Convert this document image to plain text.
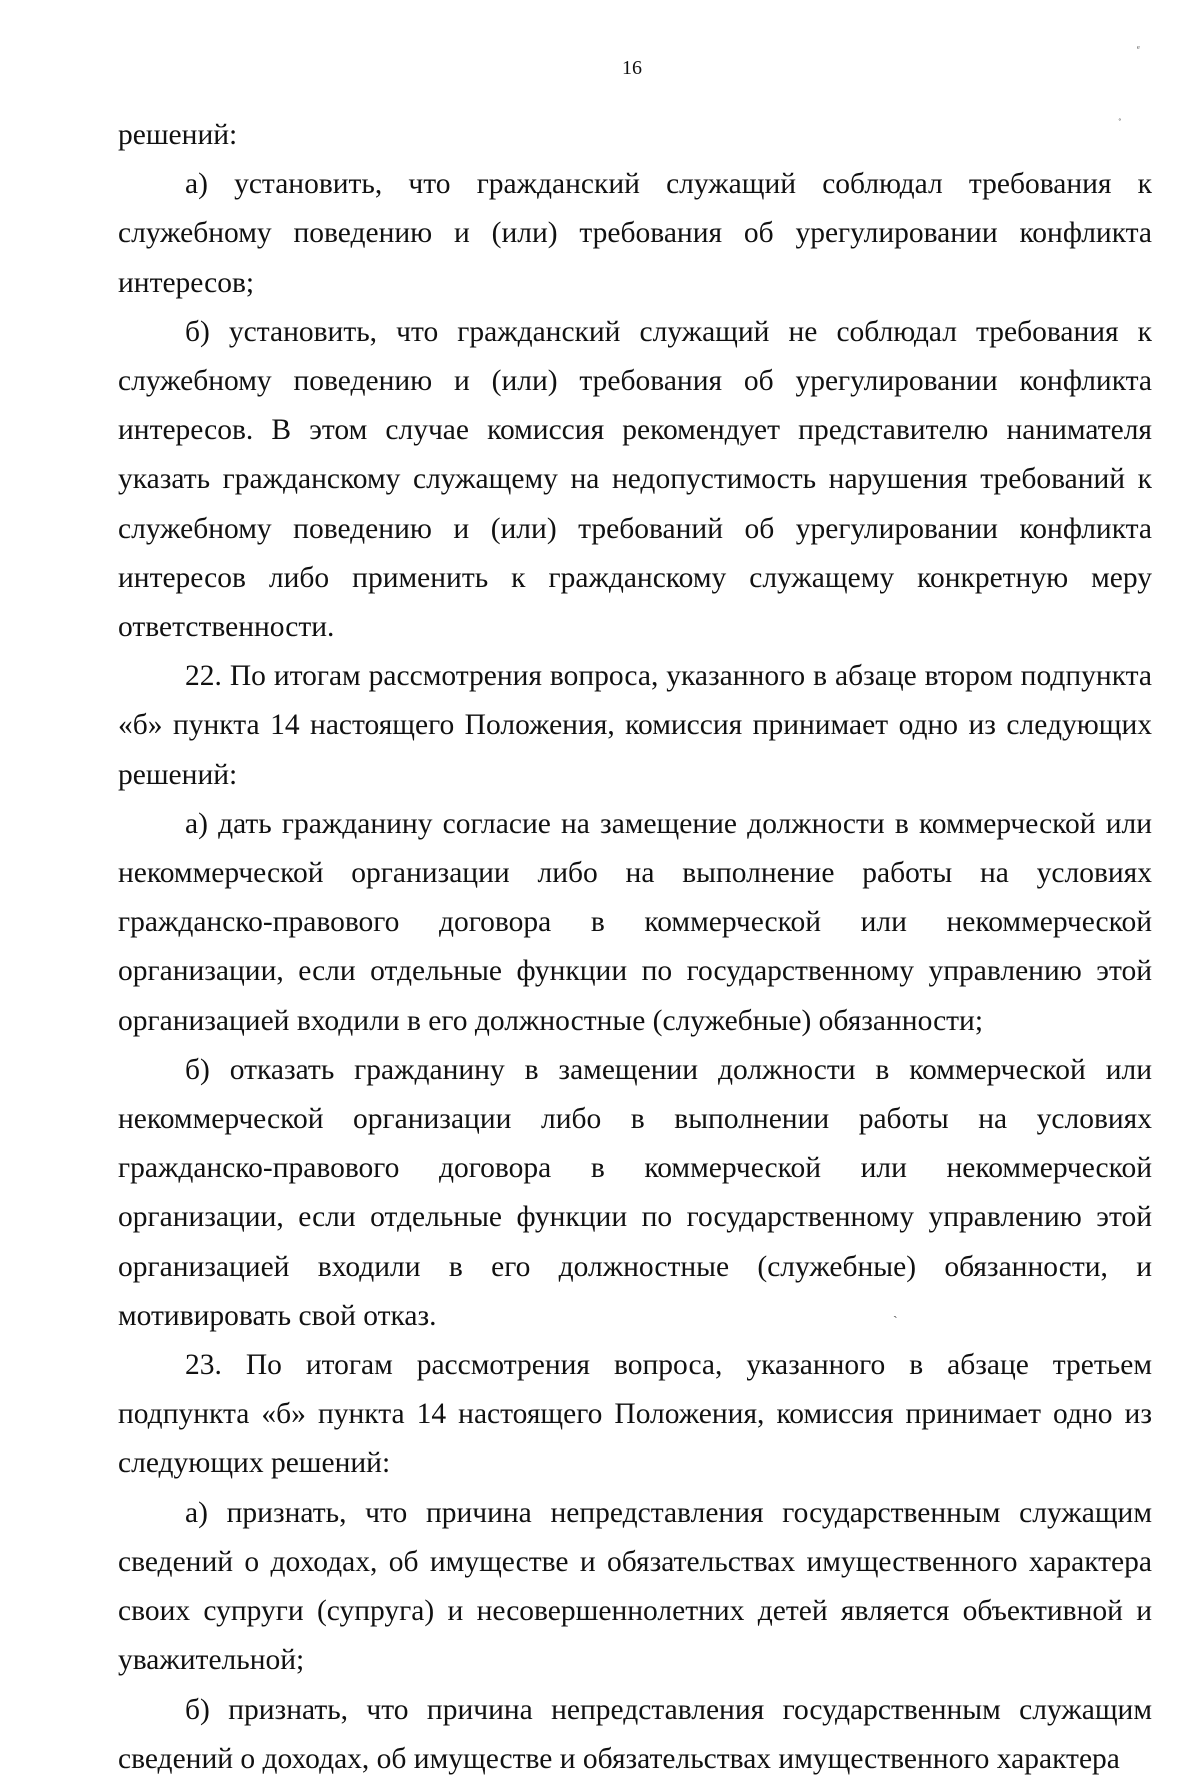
16
ᵉ
˚
ˎ

решений:

а) установить, что гражданский служащий соблюдал требования к служебному поведению и (или) требования об урегулировании конфликта интересов;

б) установить, что гражданский служащий не соблюдал требования к служебному поведению и (или) требования об урегулировании конфликта интересов. В этом случае комиссия рекомендует представителю нанимателя указать гражданскому служащему на недопустимость нарушения требований к служебному поведению и (или) требований об урегулировании конфликта интересов либо применить к гражданскому служащему конкретную меру ответственности.

22. По итогам рассмотрения вопроса, указанного в абзаце втором подпункта «б» пункта 14 настоящего Положения, комиссия принимает одно из следующих решений:

а) дать гражданину согласие на замещение должности в коммерческой или некоммерческой организации либо на выполнение работы на условиях гражданско-правового договора в коммерческой или некоммерческой организации, если отдельные функции по государственному управлению этой организацией входили в его должностные (служебные) обязанности;

б) отказать гражданину в замещении должности в коммерческой или некоммерческой организации либо в выполнении работы на условиях гражданско-правового договора в коммерческой или некоммерческой организации, если отдельные функции по государственному управлению этой организацией входили в его должностные (служебные) обязанности, и мотивировать свой отказ.

23. По итогам рассмотрения вопроса, указанного в абзаце третьем подпункта «б» пункта 14 настоящего Положения, комиссия принимает одно из следующих решений:

а) признать, что причина непредставления государственным служащим сведений о доходах, об имуществе и обязательствах имущественного характера своих супруги (супруга) и несовершеннолетних детей является объективной и уважительной;

б) признать, что причина непредставления государственным служащим сведений о доходах, об имуществе и обязательствах имущественного характера
